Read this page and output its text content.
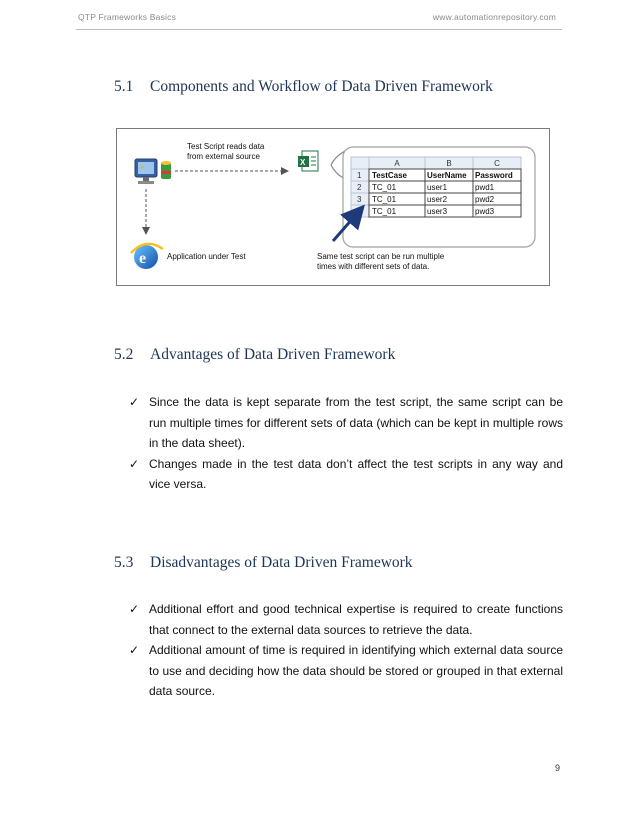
QTP Frameworks Basics	www.automationrepository.com
5.1 Components and Workflow of Data Driven Framework
Test Script reads data
from external source
X	A	B	C
1 TestCase	UserName Password
2 TC_01	user1	pwd1
3 TC_01	user2	pwd2
TC_01	user3	pwd3
e	Application under Test	Same test script can be run multiple
times with different sets of data.
5.2 Advantages of Data Driven Framework
✓ Since the data is kept separate from the test script, the same script can be run multiple times for different sets of data (which can be kept in multiple rows in the data sheet).
✓ Changes made in the test data don’t affect the test scripts in any way and vice versa.
5.3 Disadvantages of Data Driven Framework
✓ Additional effort and good technical expertise is required to create functions that connect to the external data sources to retrieve the data.
✓ Additional amount of time is required in identifying which external data source to use and deciding how the data should be stored or grouped in that external data source.
9
